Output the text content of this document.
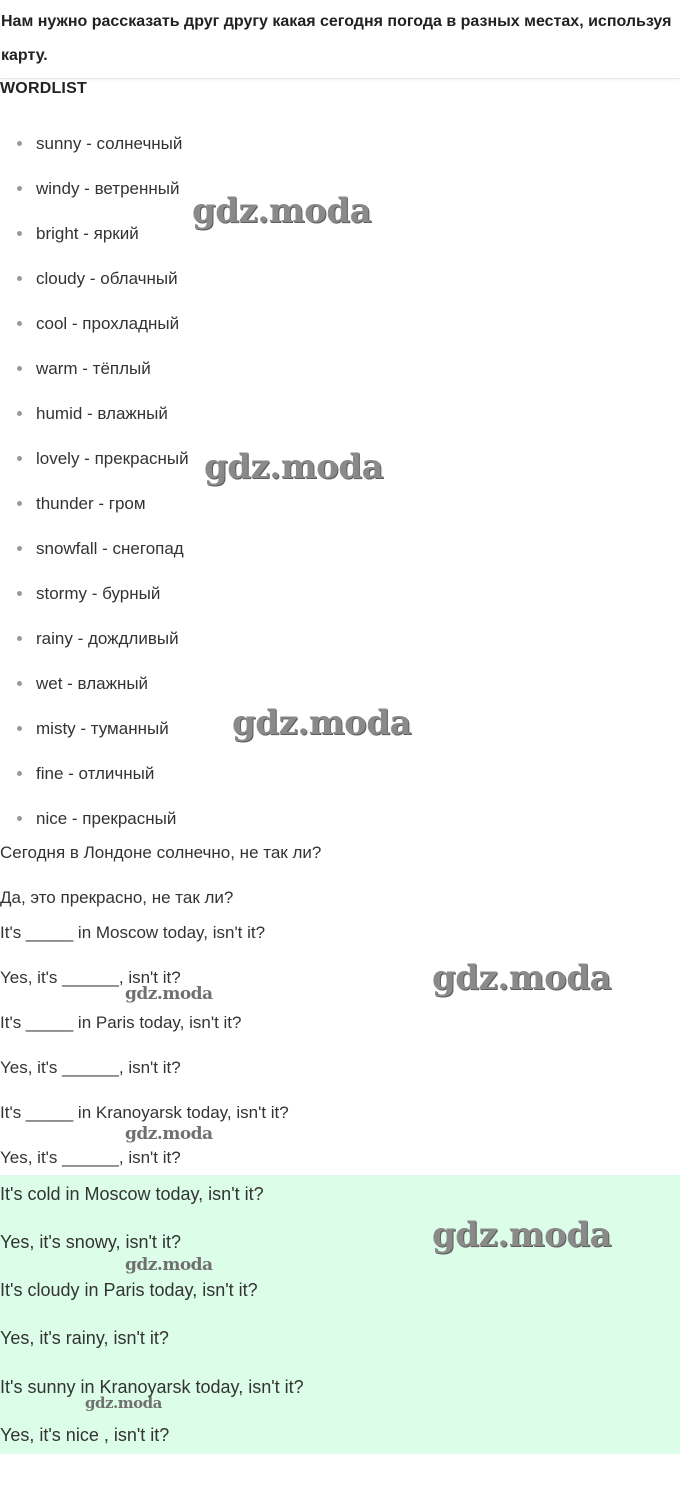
Нам нужно рассказать друг другу какая сегодня погода в разных местах, используя карту.

WORDLIST
sunny - солнечный
windy - ветренный
bright - яркий
cloudy - облачный
cool - прохладный
warm - тёплый
humid - влажный
lovely - прекрасный
thunder - гром
snowfall - снегопад
stormy - бурный
rainy - дождливый
wet - влажный
misty - туманный
fine - отличный
nice - прекрасный

Сегодня в Лондоне солнечно, не так ли?

Да, это прекрасно, не так ли?

It's _____ in Moscow today, isn't it?

Yes, it's ______, isn't it?

It's _____ in Paris today, isn't it?

Yes, it's ______, isn't it?

It's _____ in Kranoyarsk today, isn't it?

Yes, it's ______, isn't it?

It's cold in Moscow today, isn't it?

Yes, it's snowy, isn't it?

It's cloudy in Paris today, isn't it?

Yes, it's rainy, isn't it?

It's sunny in Kranoyarsk today, isn't it?

Yes, it's nice , isn't it?

gdz.moda
gdz.moda
gdz.moda
gdz.moda
gdz.moda
gdz.moda
gdz.moda
gdz.moda
gdz.moda
